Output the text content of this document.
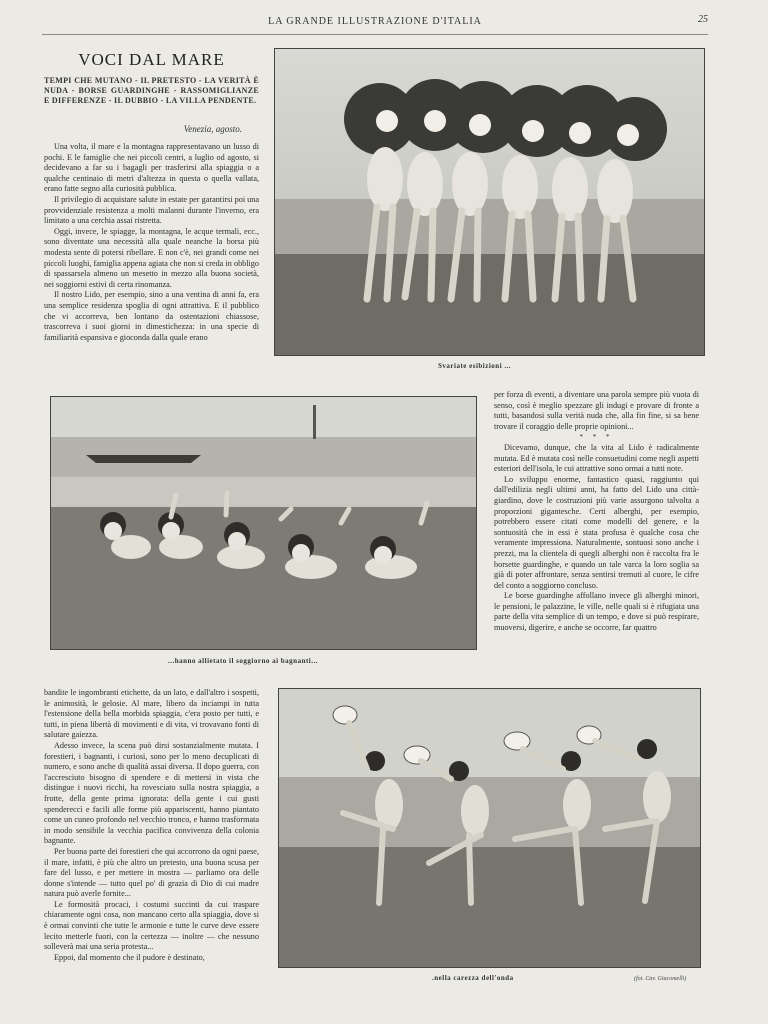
LA GRANDE ILLUSTRAZIONE D'ITALIA	25
VOCI DAL MARE
TEMPI CHE MUTANO - IL PRETESTO - LA VERITÀ È NUDA - BORSE GUARDINGHE - RASSOMIGLIANZE E DIFFERENZE - IL DUBBIO - LA VILLA PENDENTE.
Venezia, agosto.

Una volta, il mare e la montagna rappresentavano un lusso di pochi. E le famiglie che nei piccoli centri, a luglio od agosto, si decidevano a far su i bagagli per trasferirsi alla spiaggia o a qualche centinaio di metri d'altezza in questa o quella vallata, erano fatte segno alla curiosità pubblica.

Il privilegio di acquistare salute in estate per garantirsi poi una provvidenziale resistenza a molti malanni durante l'inverno, era limitato a una cerchia assai ristretta.

Oggi, invece, le spiagge, la montagna, le acque termali, ecc., sono diventate una necessità alla quale neanche la borsa più modesta sente di potersi ribellare. E non c'è, nei grandi come nei piccoli luoghi, famiglia appena agiata che non si creda in obbligo di spassarsela almeno un mesetto in mezzo alla buona società, nei soggiorni estivi di certa rinomanza.

Il nostro Lido, per esempio, sino a una ventina di anni fa, era una semplice residenza spoglia di ogni attrattiva. E il pubblico che vi accorreva, ben lontano da ostentazioni chiassose, trascorreva i suoi giorni in dimestichezza: in una specie di familiarità espansiva e gioconda dalla quale erano

Svariate esibizioni ...
...hanno allietato il soggiorno ai bagnanti...

per forza di eventi, a diventare una parola sempre più vuota di senso, così è meglio spezzare gli indugi e provare di fronte a tutti, basandosi sulla verità nuda che, alla fin fine, si sa bene trovare il coraggio delle proprie opinioni...

* * *

Dicevamo, dunque, che la vita al Lido è radicalmente mutata. Ed è mutata così nelle consuetudini come negli aspetti esteriori dell'isola, le cui attrattive sono ormai a tutti note.

Lo sviluppo enorme, fantastico quasi, raggiunto qui dall'edilizia negli ultimi anni, ha fatto del Lido una città-giardino, dove le costruzioni più varie assurgono talvolta a proporzioni gigantesche. Certi alberghi, per esempio, potrebbero essere citati come modelli del genere, e la sontuosità che in essi è stata profusa è qualche cosa che veramente impressiona. Naturalmente, sontuosi sono anche i prezzi, ma la clientela di quegli alberghi non è raccolta fra le borsette guardinghe, e quando un tale varca la loro soglia sa già di poter affrontare, senza sentirsi tremuti al cuore, le cifre del conto a soggiorno concluso.

Le borse guardinghe affollano invece gli alberghi minori, le pensioni, le palazzine, le ville, nelle quali si è rifugiata una parte della vita semplice di un tempo, e dove si può respirare, muoversi, digerire, e anche se occorre, far quattro

bandite le ingombranti etichette, da un lato, e dall'altro i sospetti, le animosità, le gelosie. Al mare, libero da inciampi in tutta l'estensione della bella morbida spiaggia, c'era posto per tutti, e tutti, in piena libertà di movimenti e di vita, vi trovavano fonti di salutare gaiezza.

Adesso invece, la scena può dirsi sostanzialmente mutata. I forestieri, i bagnanti, i curiosi, sono per lo meno decuplicati di numero, e sono anche di qualità assai diversa. Il dopo guerra, con l'accresciuto bisogno di spendere e di mettersi in vista che distingue i nuovi ricchi, ha rovesciato sulla nostra spiaggia, a frotte, della gente prima ignorata: della gente i cui gusti spendereccì e facili alle forme più appariscenti, hanno piantato come un cuneo profondo nel vecchio tronco, e hanno trasformata in modo sensibile la vecchia pacifica convivenza della colonia bagnante.

Per buona parte dei forestieri che qui accorrono da ogni paese, il mare, infatti, è più che altro un pretesto, una buona scusa per fare del lusso, e per mettere in mostra — parliamo ora delle donne s'intende — tutto quel po' di grazia di Dio di cui madre natura può averle fornite...

Le formosità procaci, i costumi succinti da cui traspare chiaramente ogni cosa, non mancano certo alla spiaggia, dove si è ormai convinti che tutte le armonie e tutte le curve deve essere lecito metterle fuori, con la certezza — inoltre — che nessuno solleverà mai una seria protesta...

Eppoi, dal momento che il pudore è destinato,

.nella carezza dell'onda	(fot. Cav. Giacomelli)
